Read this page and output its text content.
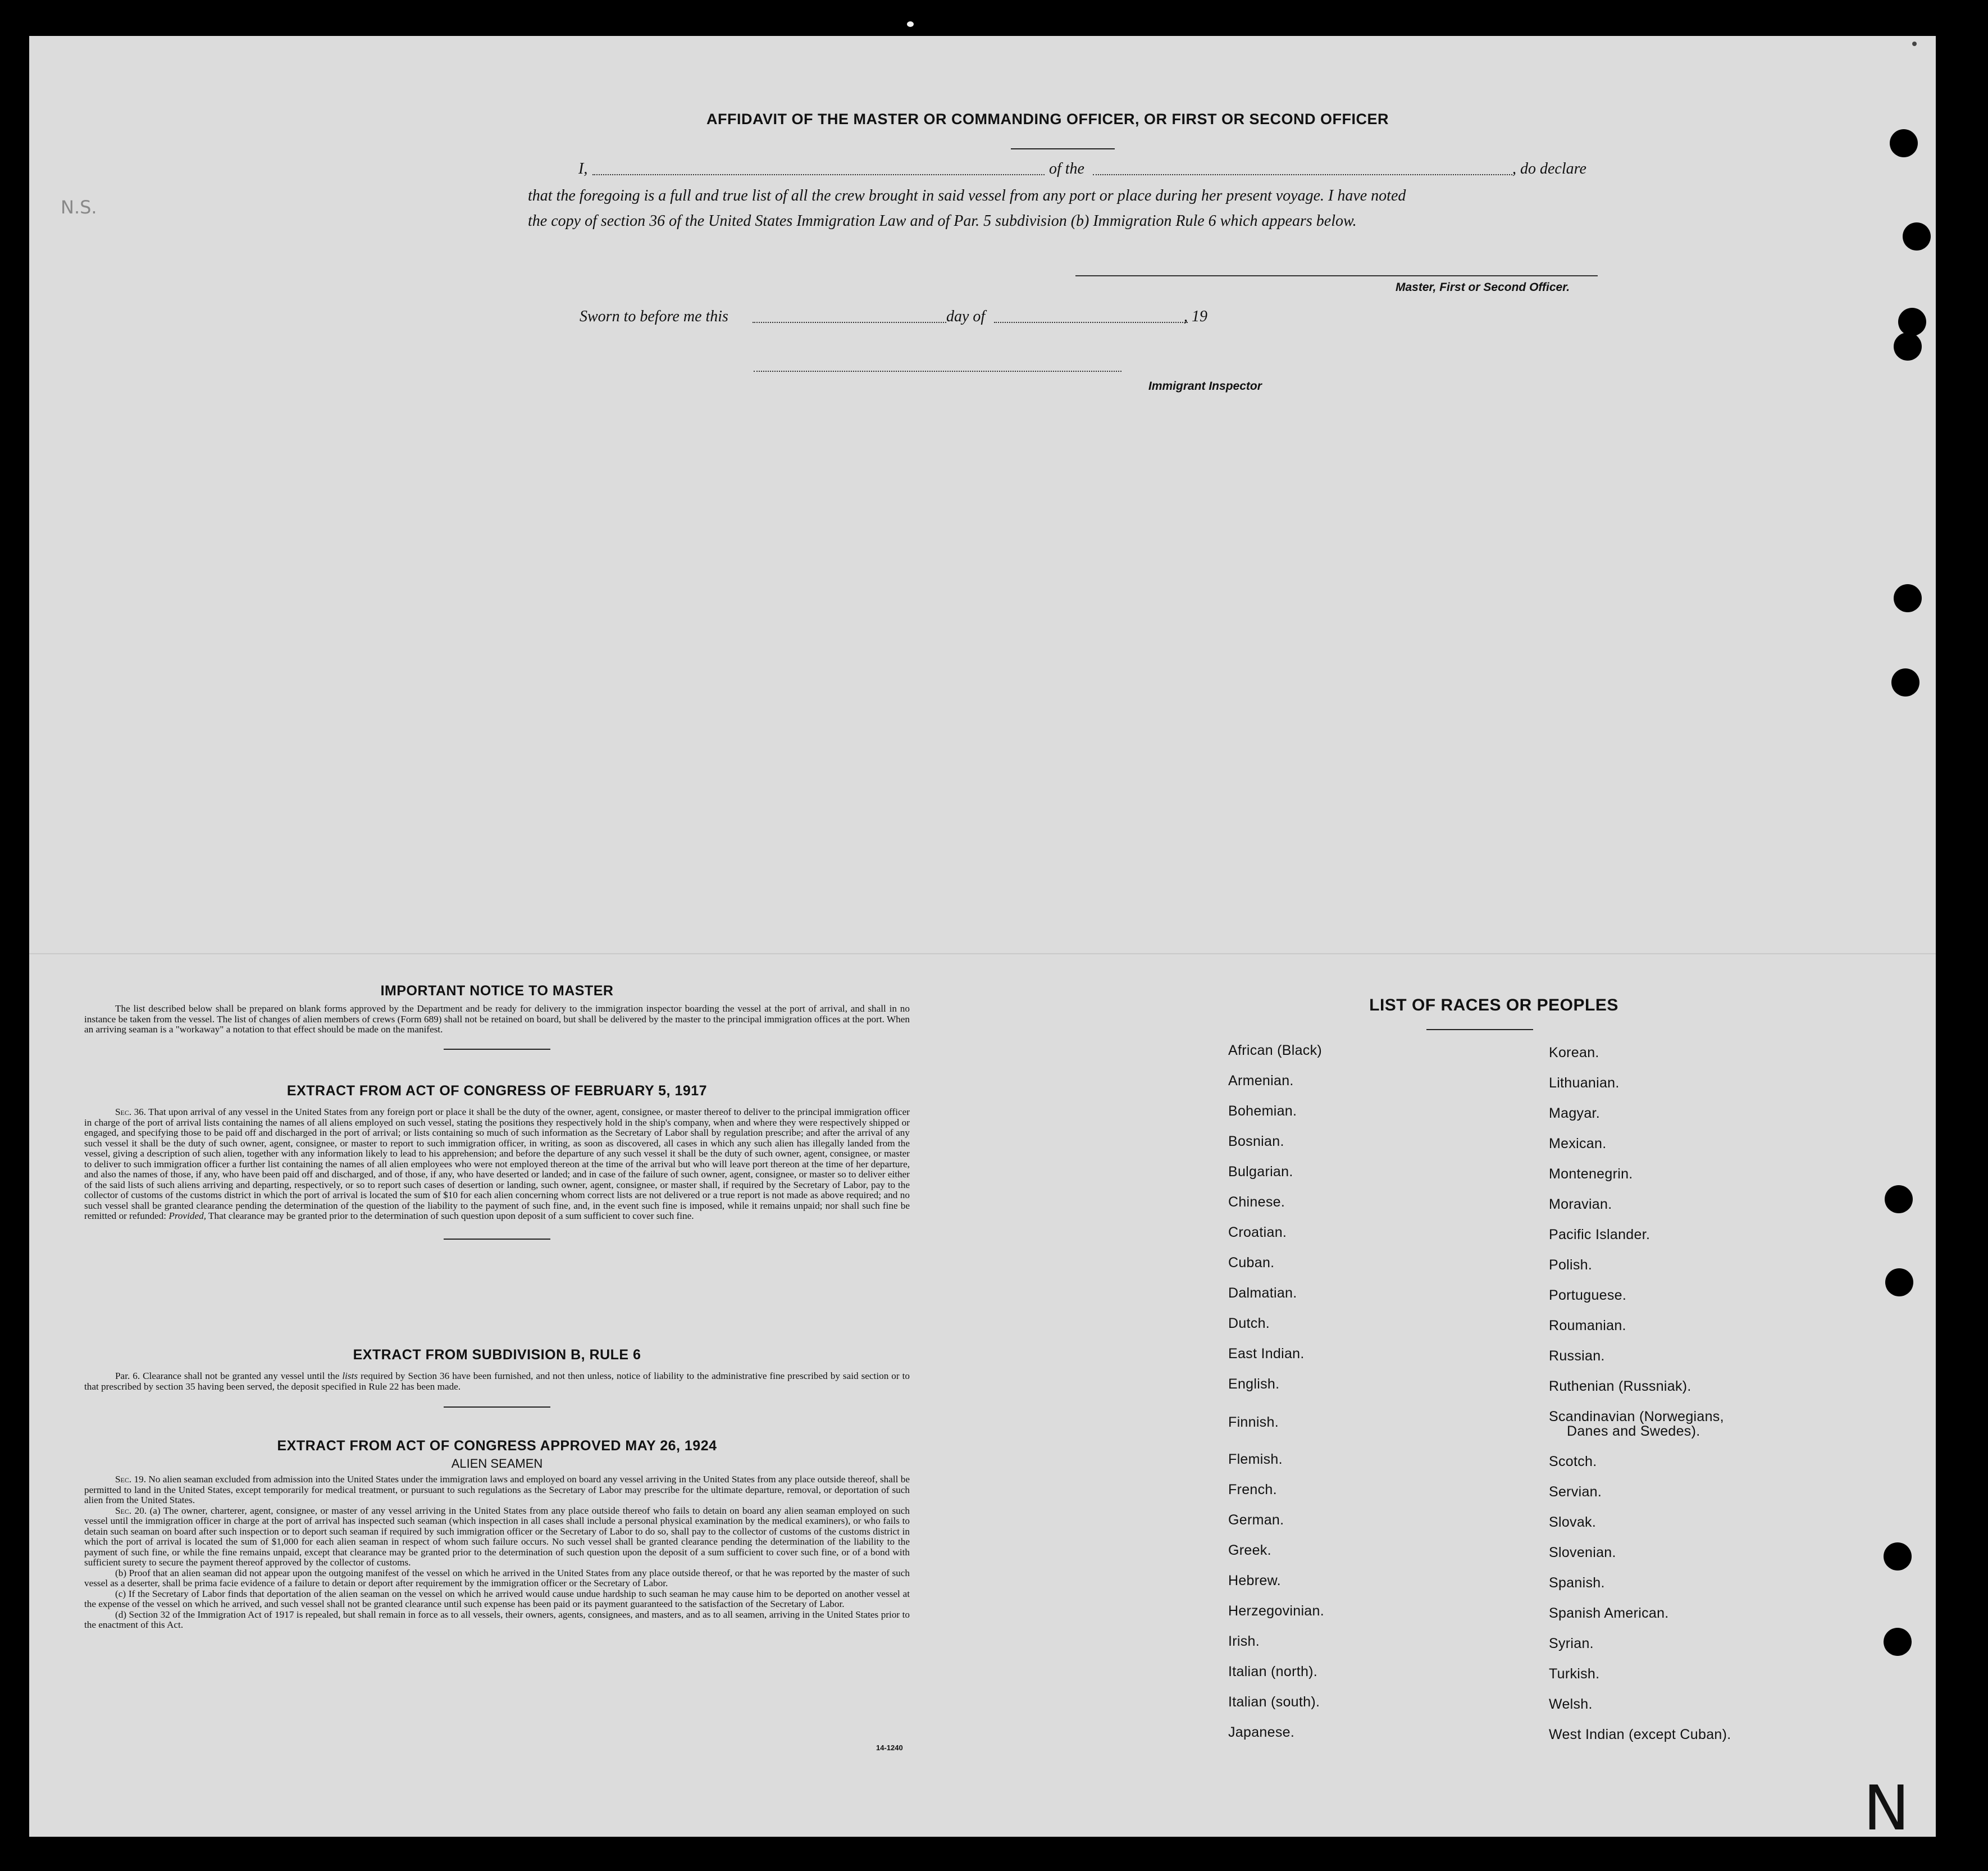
N.S.
N
AFFIDAVIT OF THE MASTER OR COMMANDING OFFICER, OR FIRST OR SECOND OFFICER
I,	of the	, do declare
that the foregoing is a full and true list of all the crew brought in said vessel from any port or place during her present voyage. I have noted
the copy of section 36 of the United States Immigration Law and of Par. 5 subdivision (b) Immigration Rule 6 which appears below.
Master, First or Second Officer.
Sworn to before me this	day of	, 19
Immigrant Inspector
IMPORTANT NOTICE TO MASTER

The list described below shall be prepared on blank forms approved by the Department and be ready for delivery to the immigration inspector boarding the vessel at the port of arrival, and shall in no instance be taken from the vessel. The list of changes of alien members of crews (Form 689) shall not be retained on board, but shall be delivered by the master to the principal immigration offices at the port. When an arriving seaman is a "workaway" a notation to that effect should be made on the manifest.

EXTRACT FROM ACT OF CONGRESS OF FEBRUARY 5, 1917

Sec. 36. That upon arrival of any vessel in the United States from any foreign port or place it shall be the duty of the owner, agent, consignee, or master thereof to deliver to the principal immigration officer in charge of the port of arrival lists containing the names of all aliens employed on such vessel, stating the positions they respectively hold in the ship's company, when and where they were respectively shipped or engaged, and specifying those to be paid off and discharged in the port of arrival; or lists containing so much of such information as the Secretary of Labor shall by regulation prescribe; and after the arrival of any such vessel it shall be the duty of such owner, agent, consignee, or master to report to such immigration officer, in writing, as soon as discovered, all cases in which any such alien has illegally landed from the vessel, giving a description of such alien, together with any information likely to lead to his apprehension; and before the departure of any such vessel it shall be the duty of such owner, agent, consignee, or master to deliver to such immigration officer a further list containing the names of all alien employees who were not employed thereon at the time of the arrival but who will leave port thereon at the time of her departure, and also the names of those, if any, who have been paid off and discharged, and of those, if any, who have deserted or landed; and in case of the failure of such owner, agent, consignee, or master so to deliver either of the said lists of such aliens arriving and departing, respectively, or so to report such cases of desertion or landing, such owner, agent, consignee, or master shall, if required by the Secretary of Labor, pay to the collector of customs of the customs district in which the port of arrival is located the sum of $10 for each alien concerning whom correct lists are not delivered or a true report is not made as above required; and no such vessel shall be granted clearance pending the determination of the question of the liability to the payment of such fine, and, in the event such fine is imposed, while it remains unpaid; nor shall such fine be remitted or refunded: Provided, That clearance may be granted prior to the determination of such question upon deposit of a sum sufficient to cover such fine.

EXTRACT FROM SUBDIVISION B, RULE 6

Par. 6. Clearance shall not be granted any vessel until the lists required by Section 36 have been furnished, and not then unless, notice of liability to the administrative fine prescribed by said section or to that prescribed by section 35 having been served, the deposit specified in Rule 22 has been made.

EXTRACT FROM ACT OF CONGRESS APPROVED MAY 26, 1924
ALIEN SEAMEN

Sec. 19. No alien seaman excluded from admission into the United States under the immigration laws and employed on board any vessel arriving in the United States from any place outside thereof, shall be permitted to land in the United States, except temporarily for medical treatment, or pursuant to such regulations as the Secretary of Labor may prescribe for the ultimate departure, removal, or deportation of such alien from the United States.

Sec. 20. (a) The owner, charterer, agent, consignee, or master of any vessel arriving in the United States from any place outside thereof who fails to detain on board any alien seaman employed on such vessel until the immigration officer in charge at the port of arrival has inspected such seaman (which inspection in all cases shall include a personal physical examination by the medical examiners), or who fails to detain such seaman on board after such inspection or to deport such seaman if required by such immigration officer or the Secretary of Labor to do so, shall pay to the collector of customs of the customs district in which the port of arrival is located the sum of $1,000 for each alien seaman in respect of whom such failure occurs. No such vessel shall be granted clearance pending the determination of the liability to the payment of such fine, or while the fine remains unpaid, except that clearance may be granted prior to the determination of such question upon the deposit of a sum sufficient to cover such fine, or of a bond with sufficient surety to secure the payment thereof approved by the collector of customs.

(b) Proof that an alien seaman did not appear upon the outgoing manifest of the vessel on which he arrived in the United States from any place outside thereof, or that he was reported by the master of such vessel as a deserter, shall be prima facie evidence of a failure to detain or deport after requirement by the immigration officer or the Secretary of Labor.

(c) If the Secretary of Labor finds that deportation of the alien seaman on the vessel on which he arrived would cause undue hardship to such seaman he may cause him to be deported on another vessel at the expense of the vessel on which he arrived, and such vessel shall not be granted clearance until such expense has been paid or its payment guaranteed to the satisfaction of the Secretary of Labor.

(d) Section 32 of the Immigration Act of 1917 is repealed, but shall remain in force as to all vessels, their owners, agents, consignees, and masters, and as to all seamen, arriving in the United States prior to the enactment of this Act.

14-1240
LIST OF RACES OR PEOPLES
African (Black)
Armenian.
Bohemian.
Bosnian.
Bulgarian.
Chinese.
Croatian.
Cuban.
Dalmatian.
Dutch.
East Indian.
English.
Finnish.
Flemish.
French.
German.
Greek.
Hebrew.
Herzegovinian.
Irish.
Italian (north).
Italian (south).
Japanese.
Korean.
Lithuanian.
Magyar.
Mexican.
Montenegrin.
Moravian.
Pacific Islander.
Polish.
Portuguese.
Roumanian.
Russian.
Ruthenian (Russniak).
Scandinavian (Norwegians,
Danes and Swedes).
Scotch.
Servian.
Slovak.
Slovenian.
Spanish.
Spanish American.
Syrian.
Turkish.
Welsh.
West Indian (except Cuban).
